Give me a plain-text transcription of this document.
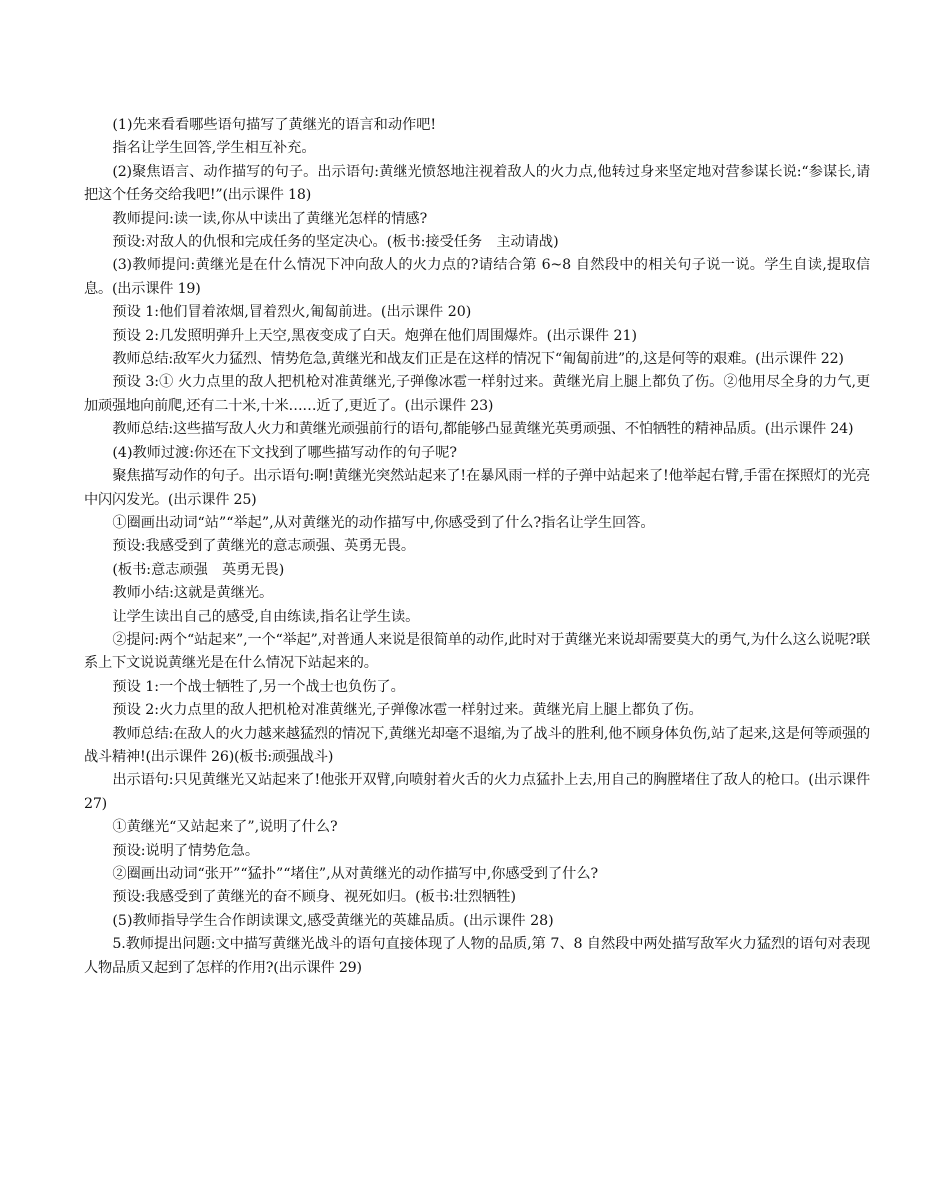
(1)先来看看哪些语句描写了黄继光的语言和动作吧!

指名让学生回答,学生相互补充。

(2)聚焦语言、动作描写的句子。出示语句:黄继光愤怒地注视着敌人的火力点,他转过身来坚定地对营参谋长说:“参谋长,请把这个任务交给我吧!”(出示课件 18)

教师提问:读一读,你从中读出了黄继光怎样的情感?

预设:对敌人的仇恨和完成任务的坚定决心。(板书:接受任务　主动请战)

(3)教师提问:黄继光是在什么情况下冲向敌人的火力点的?请结合第 6~8 自然段中的相关句子说一说。学生自读,提取信息。(出示课件 19)

预设 1:他们冒着浓烟,冒着烈火,匍匐前进。(出示课件 20)

预设 2:几发照明弹升上天空,黑夜变成了白天。炮弹在他们周围爆炸。(出示课件 21)

教师总结:敌军火力猛烈、情势危急,黄继光和战友们正是在这样的情况下“匍匐前进”的,这是何等的艰难。(出示课件 22)

预设 3:① 火力点里的敌人把机枪对准黄继光,子弹像冰雹一样射过来。黄继光肩上腿上都负了伤。②他用尽全身的力气,更加顽强地向前爬,还有二十米,十米……近了,更近了。(出示课件 23)

教师总结:这些描写敌人火力和黄继光顽强前行的语句,都能够凸显黄继光英勇顽强、不怕牺牲的精神品质。(出示课件 24)

(4)教师过渡:你还在下文找到了哪些描写动作的句子呢?

聚焦描写动作的句子。出示语句:啊!黄继光突然站起来了!在暴风雨一样的子弹中站起来了!他举起右臂,手雷在探照灯的光亮中闪闪发光。(出示课件 25)

①圈画出动词“站”“举起”,从对黄继光的动作描写中,你感受到了什么?指名让学生回答。

预设:我感受到了黄继光的意志顽强、英勇无畏。

(板书:意志顽强　英勇无畏)

教师小结:这就是黄继光。

让学生读出自己的感受,自由练读,指名让学生读。

②提问:两个“站起来”,一个“举起”,对普通人来说是很简单的动作,此时对于黄继光来说却需要莫大的勇气,为什么这么说呢?联系上下文说说黄继光是在什么情况下站起来的。

预设 1:一个战士牺牲了,另一个战士也负伤了。

预设 2:火力点里的敌人把机枪对准黄继光,子弹像冰雹一样射过来。黄继光肩上腿上都负了伤。

教师总结:在敌人的火力越来越猛烈的情况下,黄继光却毫不退缩,为了战斗的胜利,他不顾身体负伤,站了起来,这是何等顽强的战斗精神!(出示课件 26)(板书:顽强战斗)

出示语句:只见黄继光又站起来了!他张开双臂,向喷射着火舌的火力点猛扑上去,用自己的胸膛堵住了敌人的枪口。(出示课件 27)

①黄继光“又站起来了”,说明了什么?

预设:说明了情势危急。

②圈画出动词“张开”“猛扑”“堵住”,从对黄继光的动作描写中,你感受到了什么?

预设:我感受到了黄继光的奋不顾身、视死如归。(板书:壮烈牺牲)

(5)教师指导学生合作朗读课文,感受黄继光的英雄品质。(出示课件 28)

5.教师提出问题:文中描写黄继光战斗的语句直接体现了人物的品质,第 7、8 自然段中两处描写敌军火力猛烈的语句对表现人物品质又起到了怎样的作用?(出示课件 29)
